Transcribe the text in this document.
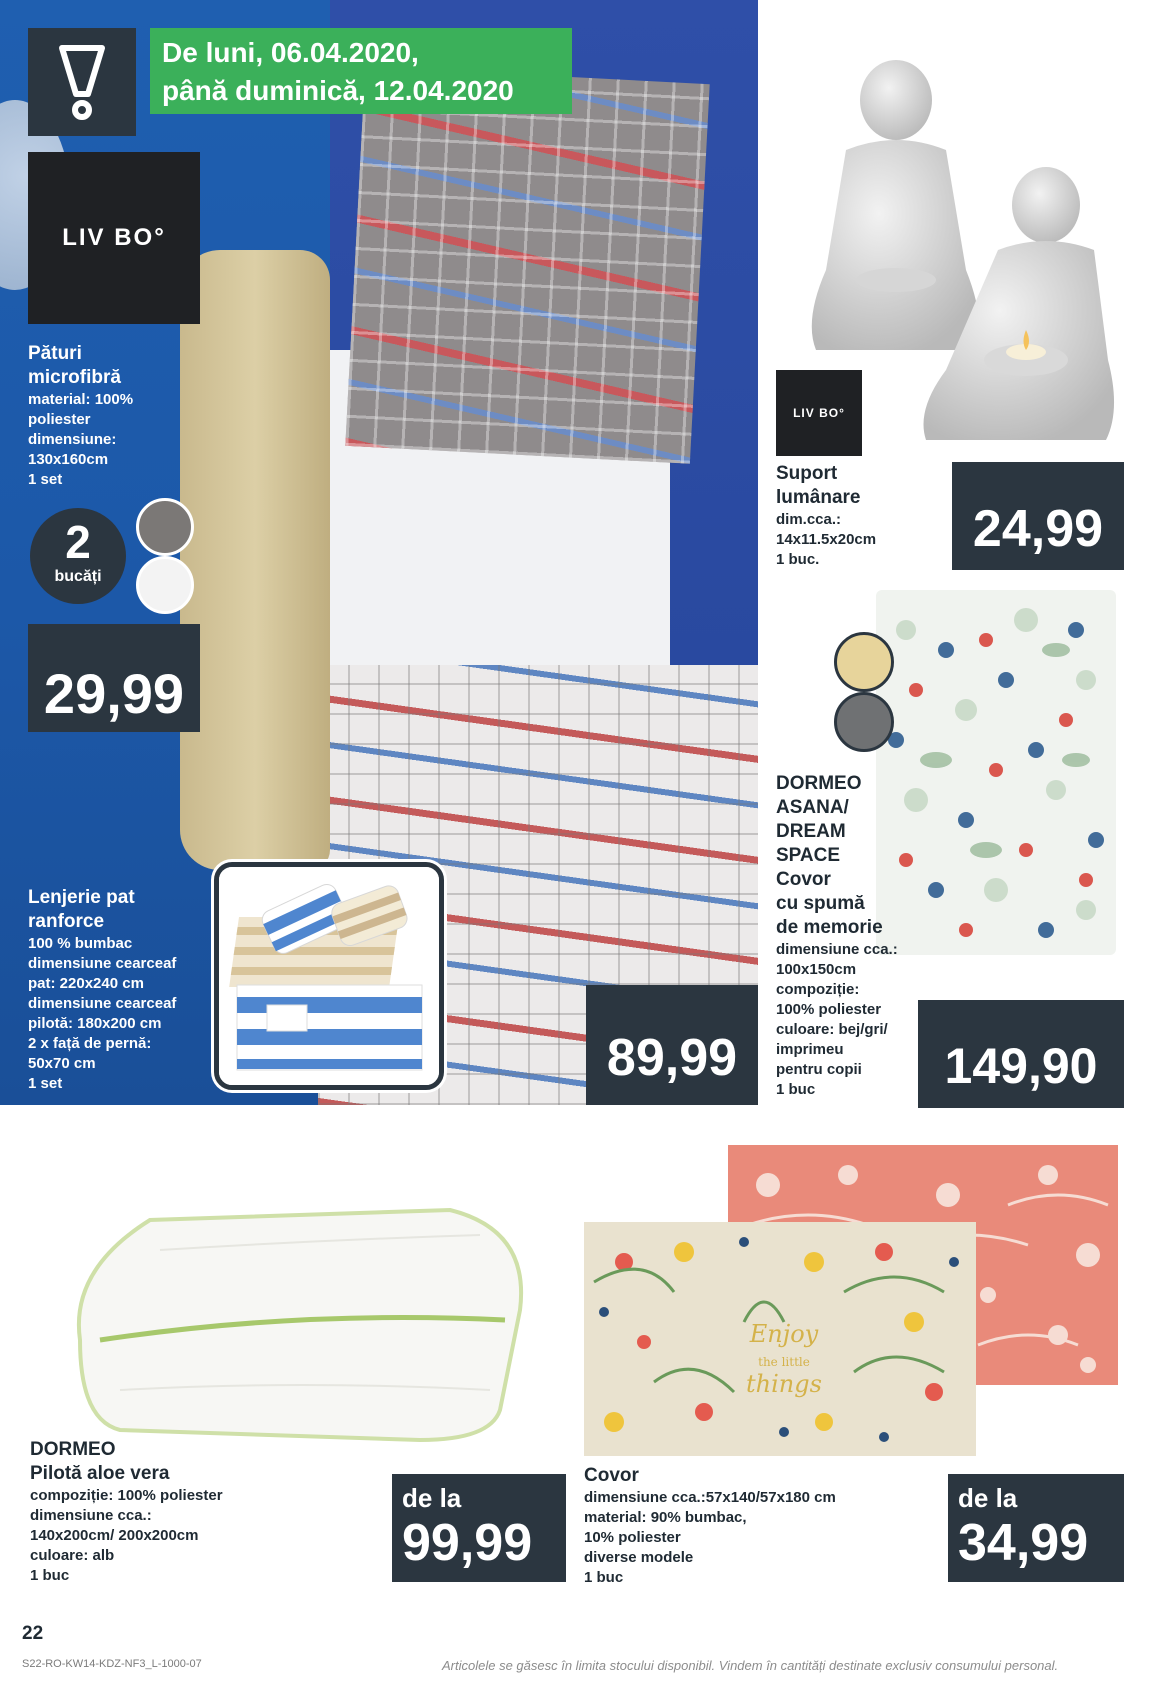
De luni, 06.04.2020,
până duminică, 12.04.2020
LIV BO°
Pături
microfibră
material: 100%
poliester
dimensiune:
130x160cm
1 set
2
bucăți
29,99
Lenjerie pat
ranforce
100 % bumbac
dimensiune cearceaf
pat: 220x240 cm
dimensiune cearceaf
pilotă: 180x200 cm
2 x față de pernă:
50x70 cm
1 set	89,99
LIV BO°
Suport
lumânare
dim.cca.:
14x11.5x20cm
1 buc.
24,99
DORMEO
ASANA/
DREAM
SPACE
Covor
cu spumă
de memorie
dimensiune cca.:
100x150cm
compoziție:
100% poliester
culoare: bej/gri/
imprimeu
pentru copii
1 buc	149,90
DORMEO
Pilotă aloe vera
compoziție: 100% poliester
dimensiune cca.:
140x200cm/ 200x200cm
culoare: alb
1 buc
de la
99,99
Enjoy
the little
things
Covor
dimensiune cca.:57x140/57x180 cm
material: 90% bumbac,
10% poliester
diverse modele
1 buc
de la
34,99
22
S22-RO-KW14-KDZ-NF3_L-1000-07	Articolele se găsesc în limita stocului disponibil. Vindem în cantități destinate exclusiv consumului personal.
